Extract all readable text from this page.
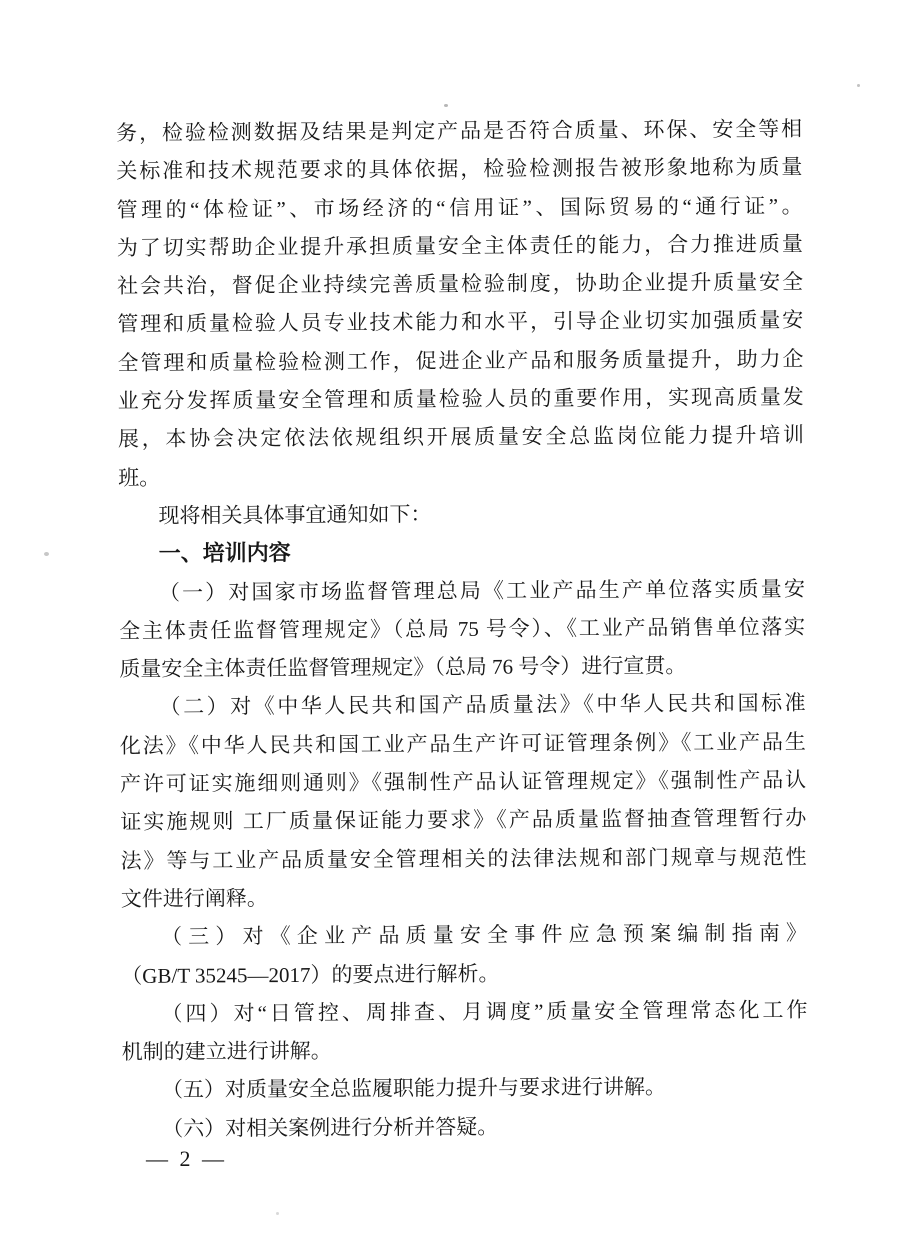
务，检验检测数据及结果是判定产品是否符合质量、环保、安全等相

关标准和技术规范要求的具体依据，检验检测报告被形象地称为质量

管理的“体检证”、市场经济的“信用证”、国际贸易的“通行证”。

为了切实帮助企业提升承担质量安全主体责任的能力，合力推进质量

社会共治，督促企业持续完善质量检验制度，协助企业提升质量安全

管理和质量检验人员专业技术能力和水平，引导企业切实加强质量安

全管理和质量检验检测工作，促进企业产品和服务质量提升，助力企

业充分发挥质量安全管理和质量检验人员的重要作用，实现高质量发

展，本协会决定依法依规组织开展质量安全总监岗位能力提升培训

班。

现将相关具体事宜通知如下：

一、培训内容

（一）对国家市场监督管理总局《工业产品生产单位落实质量安

全主体责任监督管理规定》（总局 75 号令）、《工业产品销售单位落实

质量安全主体责任监督管理规定》（总局 76 号令）进行宣贯。

（二）对《中华人民共和国产品质量法》《中华人民共和国标准

化法》《中华人民共和国工业产品生产许可证管理条例》《工业产品生

产许可证实施细则通则》《强制性产品认证管理规定》《强制性产品认

证实施规则 工厂质量保证能力要求》《产品质量监督抽查管理暂行办

法》等与工业产品质量安全管理相关的法律法规和部门规章与规范性

文件进行阐释。

（三）对《企业产品质量安全事件应急预案编制指南》

（GB/T 35245—2017）的要点进行解析。

（四）对“日管控、周排查、月调度”质量安全管理常态化工作

机制的建立进行讲解。

（五）对质量安全总监履职能力提升与要求进行讲解。

（六）对相关案例进行分析并答疑。

— 2 —
